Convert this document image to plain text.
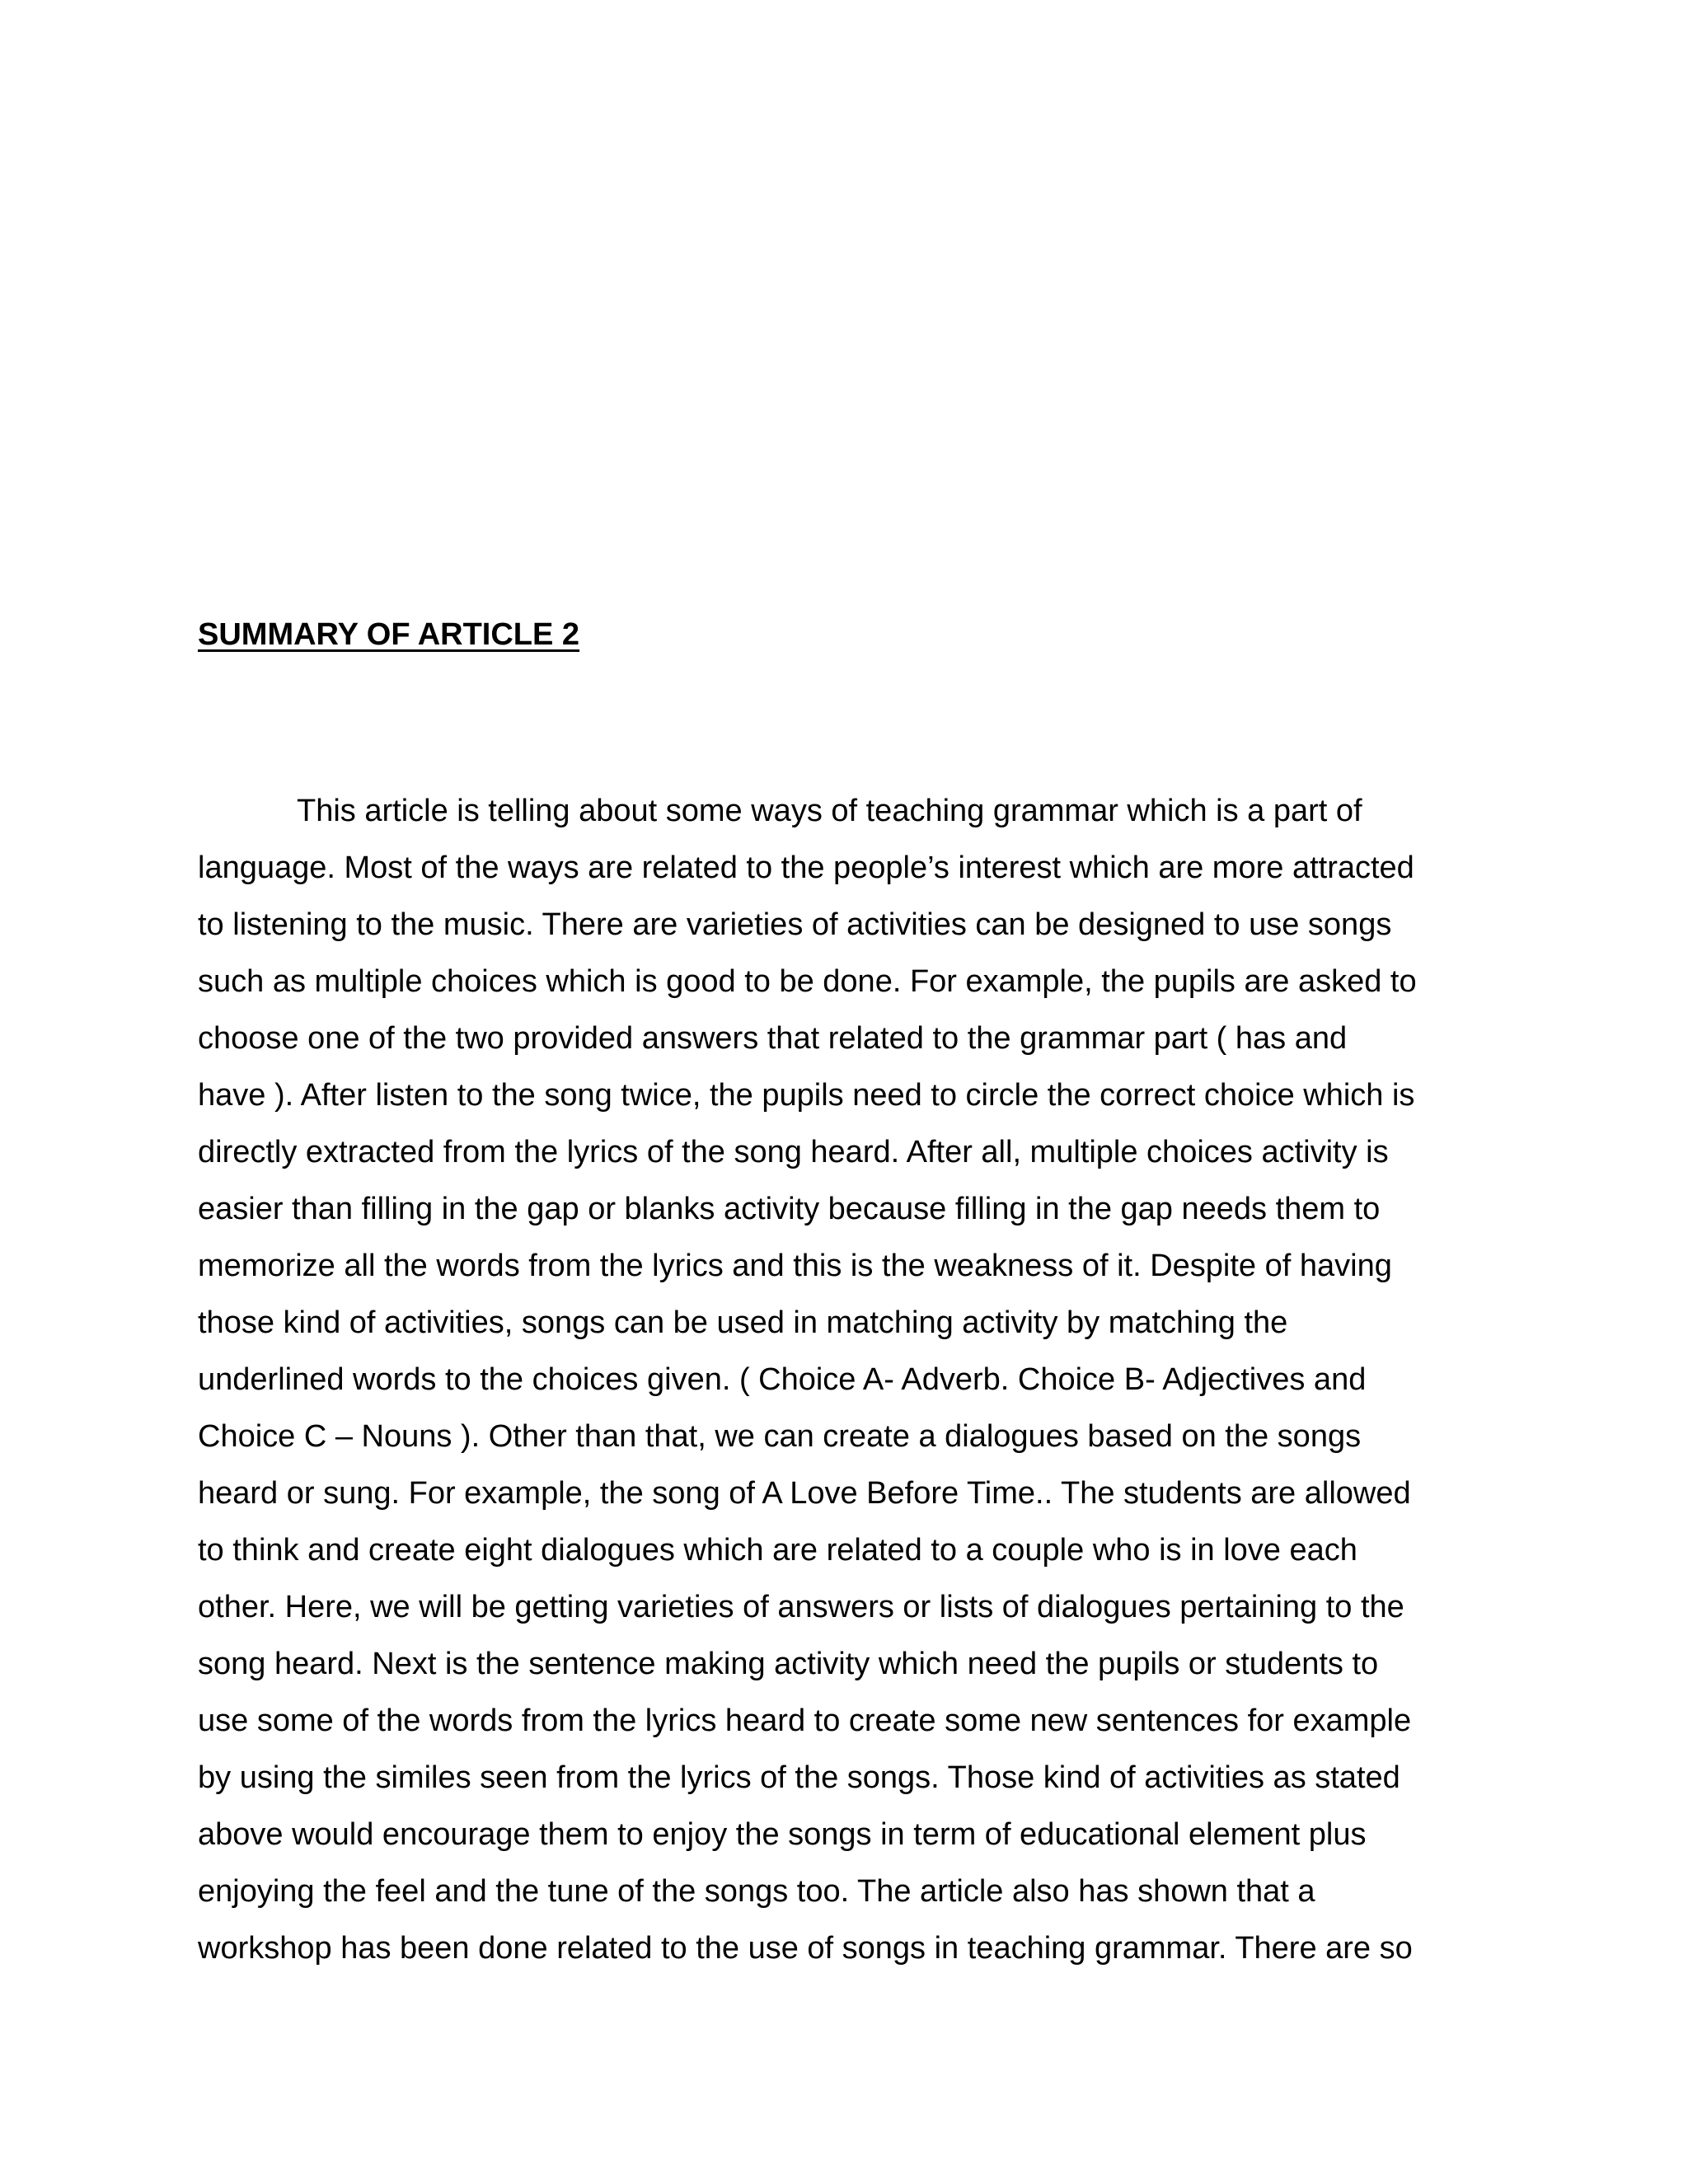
SUMMARY OF ARTICLE 2
This article is telling about some ways of teaching grammar which is a part of
language. Most of the ways are related to the people’s interest which are more attracted
to listening to the music. There are varieties of activities can be designed to use songs
such as multiple choices which is good to be done. For example, the pupils are asked to
choose one of the two provided answers that related to the grammar part ( has and
have ). After listen to the song twice, the pupils need to circle the correct choice which is
directly extracted from the lyrics of the song heard. After all, multiple choices activity is
easier than filling in the gap or blanks activity because filling in the gap needs them to
memorize all the words from the lyrics and this is the weakness of it. Despite of having
those kind of activities, songs can be used in matching activity by matching the
underlined words to the choices given. ( Choice A- Adverb. Choice B- Adjectives and
Choice C – Nouns ). Other than that, we can create a dialogues based on the songs
heard or sung. For example, the song of A Love Before Time.. The students are allowed
to think and create eight dialogues which are related to a couple who is in love each
other. Here, we will be getting varieties of answers or lists of dialogues pertaining to the
song heard. Next is the sentence making activity which need the pupils or students to
use some of the words from the lyrics heard to create some new sentences for example
by using the similes seen from the lyrics of the songs. Those kind of activities as stated
above would encourage them to enjoy the songs in term of educational element plus
enjoying the feel and the tune of the songs too. The article also has shown that a
workshop has been done related to the use of songs in teaching grammar. There are so
